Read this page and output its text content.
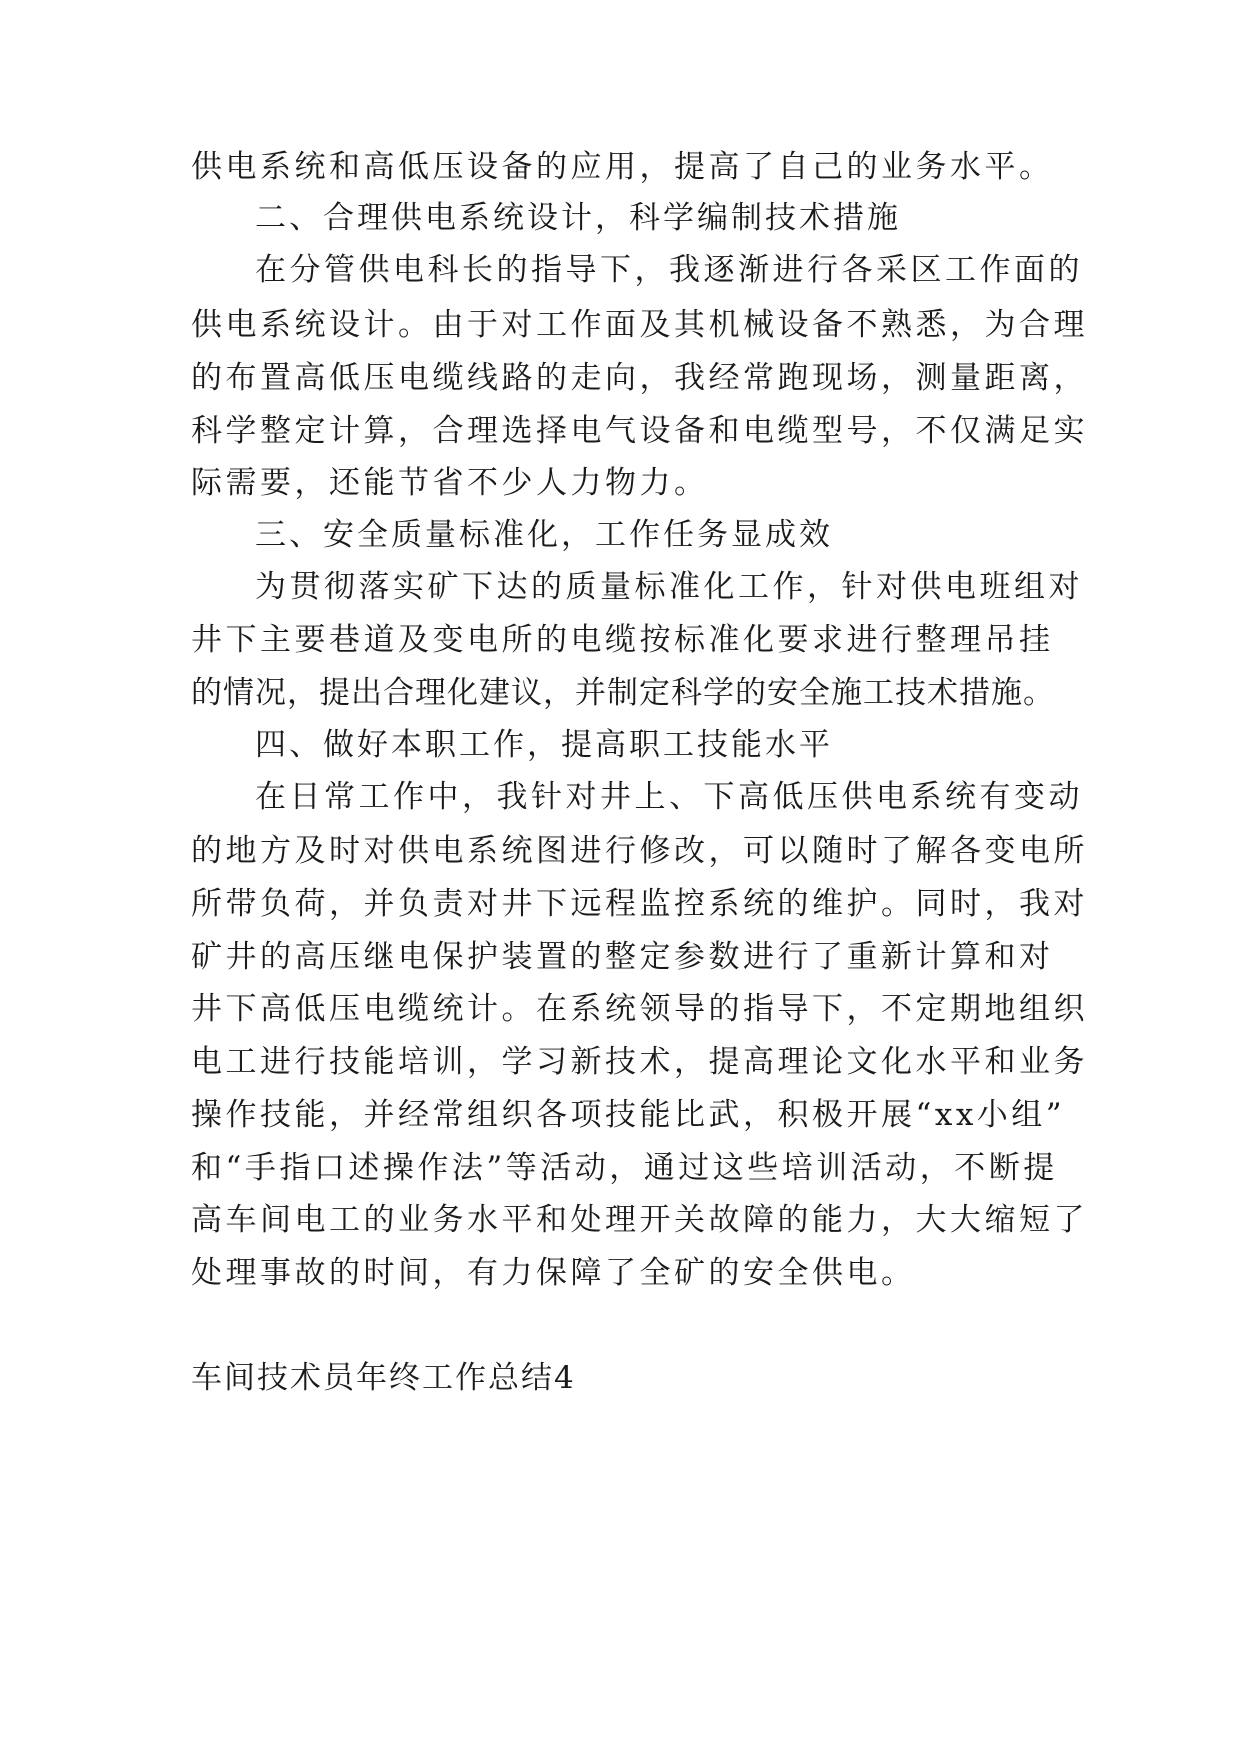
供电系统和高低压设备的应用，提高了自己的业务水平。
二、合理供电系统设计，科学编制技术措施
在分管供电科长的指导下，我逐渐进行各采区工作面的
供电系统设计。由于对工作面及其机械设备不熟悉，为合理
的布置高低压电缆线路的走向，我经常跑现场，测量距离，
科学整定计算，合理选择电气设备和电缆型号，不仅满足实
际需要，还能节省不少人力物力。
三、安全质量标准化，工作任务显成效
为贯彻落实矿下达的质量标准化工作，针对供电班组对
井下主要巷道及变电所的电缆按标准化要求进行整理吊挂
的情况，提出合理化建议，并制定科学的安全施工技术措施。
四、做好本职工作，提高职工技能水平
在日常工作中，我针对井上、下高低压供电系统有变动
的地方及时对供电系统图进行修改，可以随时了解各变电所
所带负荷，并负责对井下远程监控系统的维护。同时，我对
矿井的高压继电保护装置的整定参数进行了重新计算和对
井下高低压电缆统计。在系统领导的指导下，不定期地组织
电工进行技能培训，学习新技术，提高理论文化水平和业务
操作技能，并经常组织各项技能比武，积极开展“xx小组”
和“手指口述操作法”等活动，通过这些培训活动，不断提
高车间电工的业务水平和处理开关故障的能力，大大缩短了
处理事故的时间，有力保障了全矿的安全供电。
车间技术员年终工作总结4
